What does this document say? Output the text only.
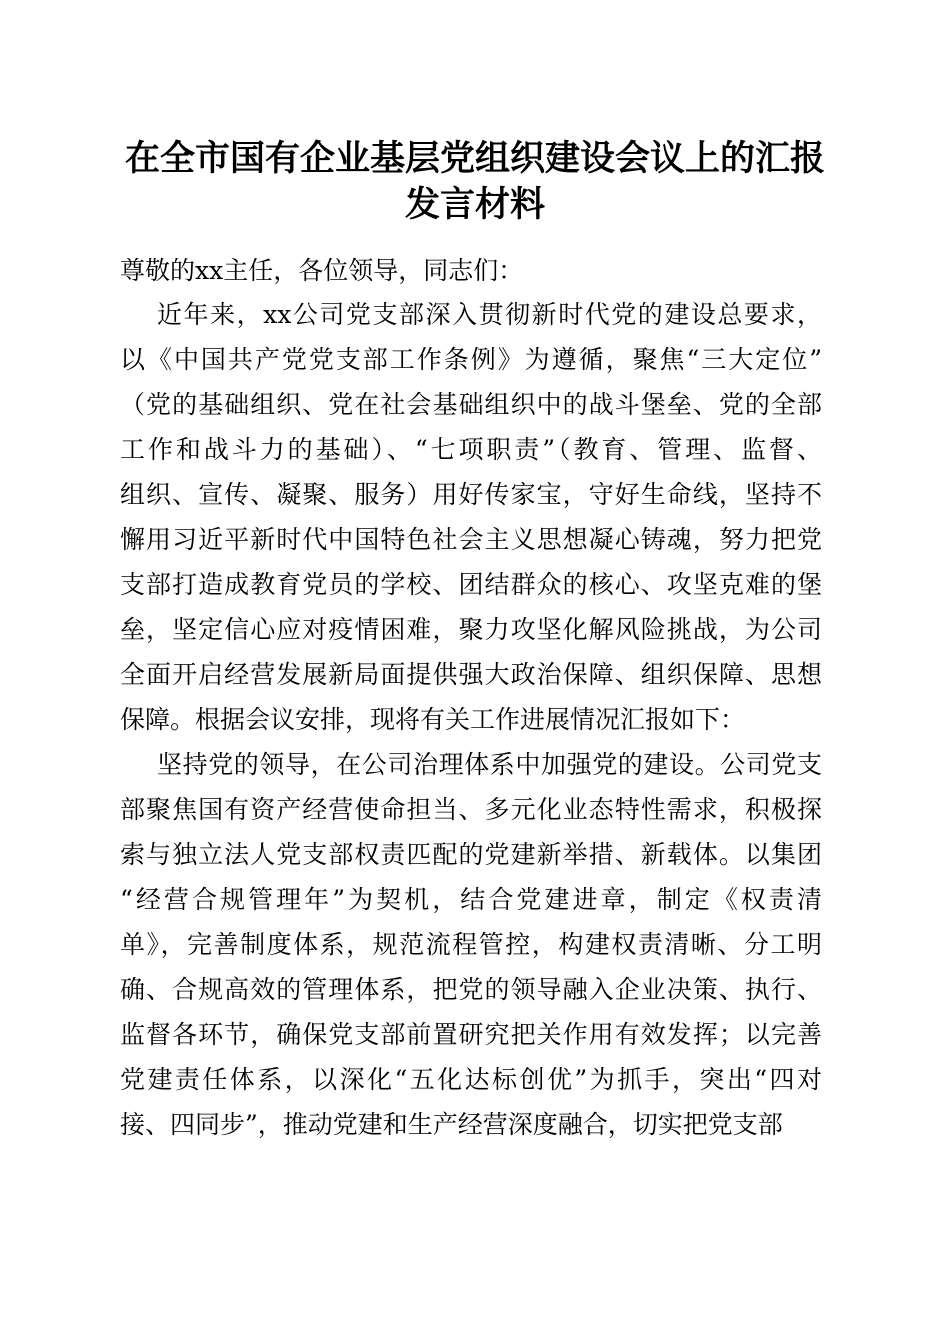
在全市国有企业基层党组织建设会议上的汇报
发言材料
尊敬的xx主任，各位领导，同志们：
近年来，xx公司党支部深入贯彻新时代党的建设总要求，
以《中国共产党党支部工作条例》为遵循，聚焦“三大定位”
（党的基础组织、党在社会基础组织中的战斗堡垒、党的全部
工作和战斗力的基础）、“七项职责”（教育、管理、监督、
组织、宣传、凝聚、服务）用好传家宝，守好生命线，坚持不
懈用习近平新时代中国特色社会主义思想凝心铸魂，努力把党
支部打造成教育党员的学校、团结群众的核心、攻坚克难的堡
垒，坚定信心应对疫情困难，聚力攻坚化解风险挑战，为公司
全面开启经营发展新局面提供强大政治保障、组织保障、思想
保障。根据会议安排，现将有关工作进展情况汇报如下：
坚持党的领导，在公司治理体系中加强党的建设。公司党支
部聚焦国有资产经营使命担当、多元化业态特性需求，积极探
索与独立法人党支部权责匹配的党建新举措、新载体。以集团
“经营合规管理年”为契机，结合党建进章，制定《权责清
单》，完善制度体系，规范流程管控，构建权责清晰、分工明
确、合规高效的管理体系，把党的领导融入企业决策、执行、
监督各环节，确保党支部前置研究把关作用有效发挥；以完善
党建责任体系，以深化“五化达标创优”为抓手，突出“四对
接、四同步”，推动党建和生产经营深度融合，切实把党支部
